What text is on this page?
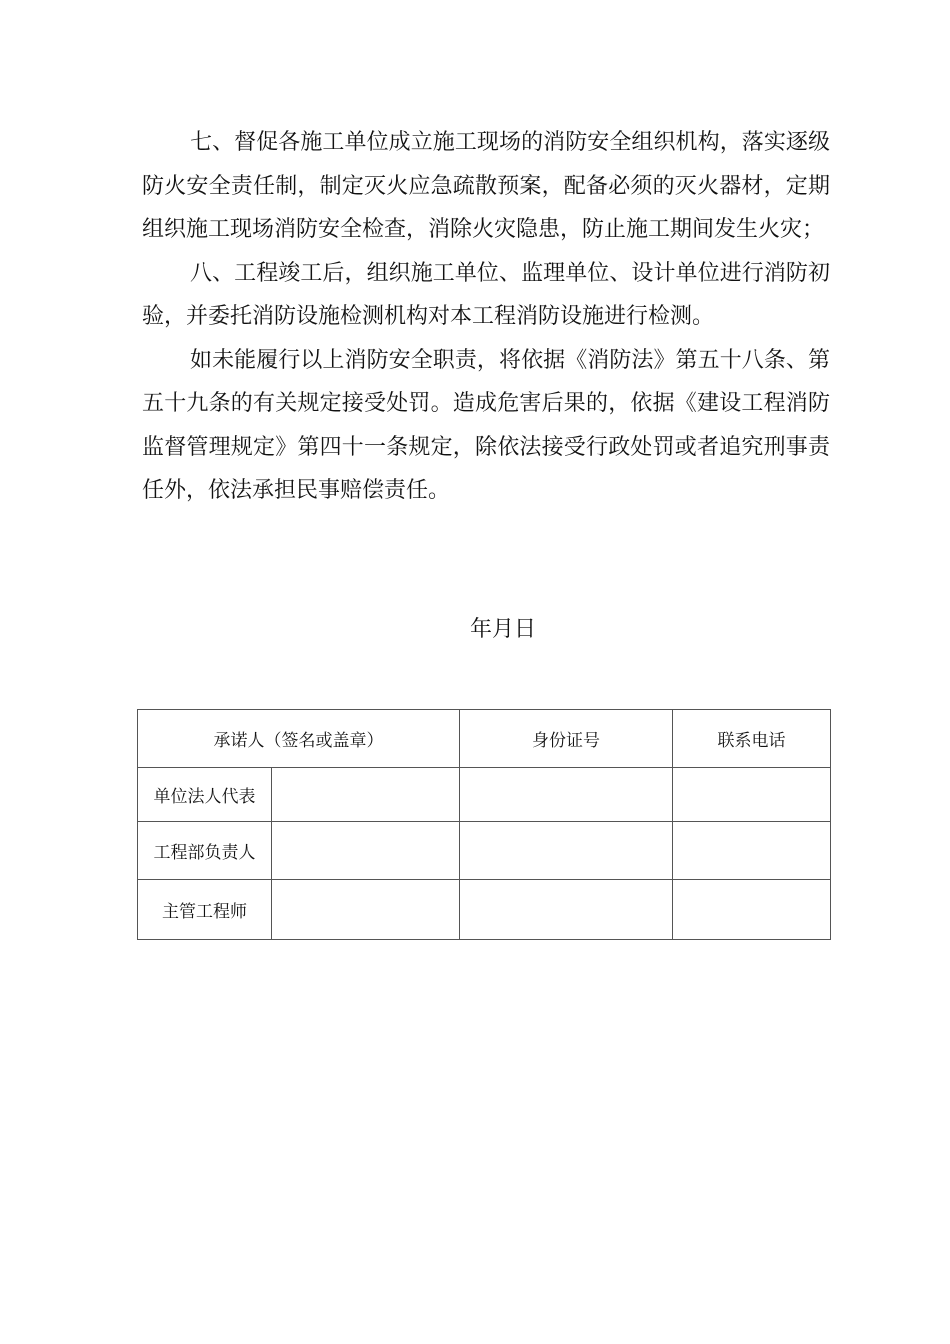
七、督促各施工单位成立施工现场的消防安全组织机构，落实逐级防火安全责任制，制定灭火应急疏散预案，配备必须的灭火器材，定期组织施工现场消防安全检查，消除火灾隐患，防止施工期间发生火灾；

八、工程竣工后，组织施工单位、监理单位、设计单位进行消防初验，并委托消防设施检测机构对本工程消防设施进行检测。

如未能履行以上消防安全职责，将依据《消防法》第五十八条、第五十九条的有关规定接受处罚。造成危害后果的，依据《建设工程消防监督管理规定》第四十一条规定，除依法接受行政处罚或者追究刑事责任外，依法承担民事赔偿责任。

年月日
承诺人（签名或盖章）		身份证号	联系电话
单位法人代表			
工程部负责人			
主管工程师			
